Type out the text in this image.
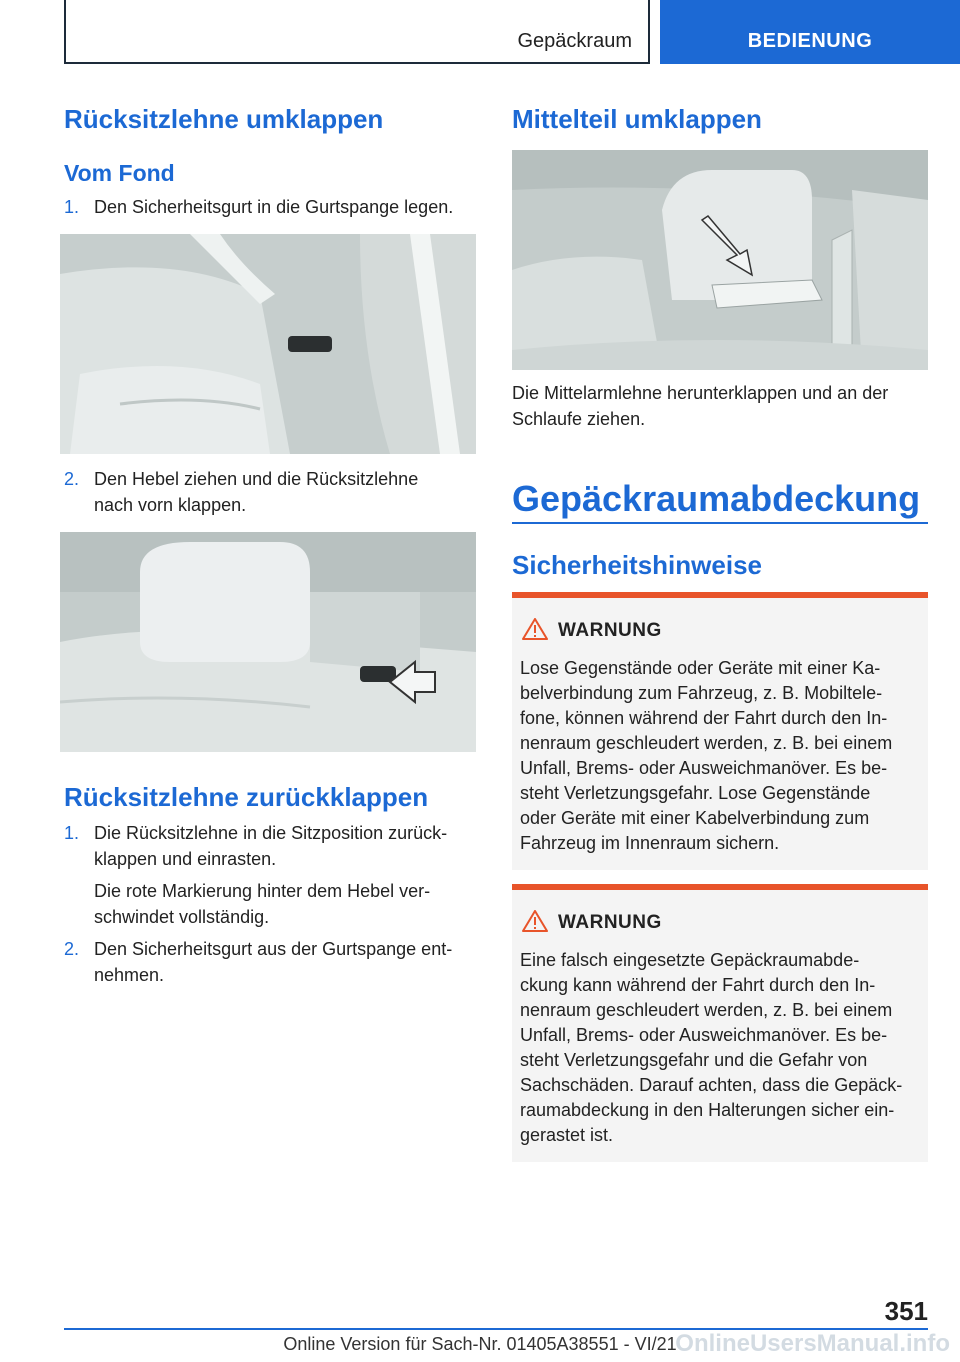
Gepäckraum	BEDIENUNG
Rücksitzlehne umklappen
Vom Fond
1. Den Sicherheitsgurt in die Gurtspange legen.
2. Den Hebel ziehen und die Rücksitzlehne
nach vorn klappen.
Rücksitzlehne zurückklappen
1. Die Rücksitzlehne in die Sitzposition zurück-
klappen und einrasten.
Die rote Markierung hinter dem Hebel ver-
schwindet vollständig.
2. Den Sicherheitsgurt aus der Gurtspange ent-
nehmen.
Mittelteil umklappen
Die Mittelarmlehne herunterklappen und an der
Schlaufe ziehen.
Gepäckraumabdeckung
Sicherheitshinweise
WARNUNG
Lose Gegenstände oder Geräte mit einer Ka-
belverbindung zum Fahrzeug, z. B. Mobiltele-
fone, können während der Fahrt durch den In-
nenraum geschleudert werden, z. B. bei einem
Unfall, Brems- oder Ausweichmanöver. Es be-
steht Verletzungsgefahr. Lose Gegenstände
oder Geräte mit einer Kabelverbindung zum
Fahrzeug im Innenraum sichern.
WARNUNG
Eine falsch eingesetzte Gepäckraumabde-
ckung kann während der Fahrt durch den In-
nenraum geschleudert werden, z. B. bei einem
Unfall, Brems- oder Ausweichmanöver. Es be-
steht Verletzungsgefahr und die Gefahr von
Sachschäden. Darauf achten, dass die Gepäck-
raumabdeckung in den Halterungen sicher ein-
gerastet ist.
351
Online Version für Sach-Nr. 01405A38551 - VI/21
OnlineUsersManual.info
